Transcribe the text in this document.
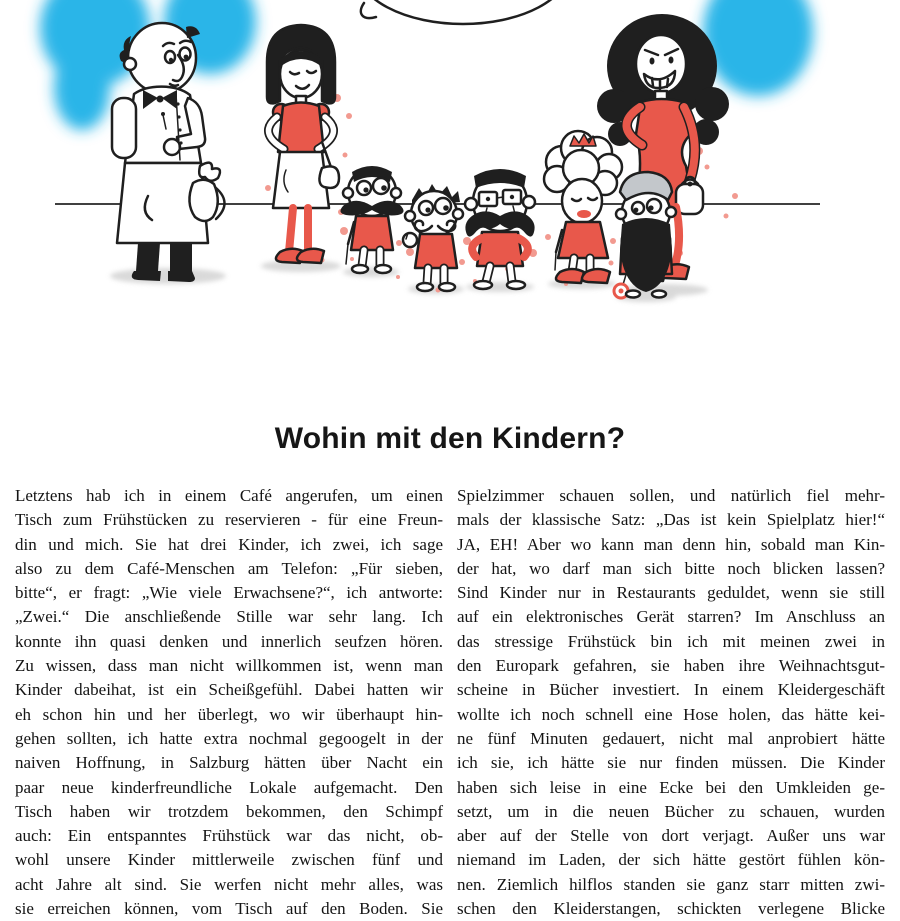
Wohin mit den Kindern?
Letztens hab ich in einem Café angerufen, um einen
Tisch zum Frühstücken zu reservieren - für eine Freun-
din und mich. Sie hat drei Kinder, ich zwei, ich sage
also zu dem Café-Menschen am Telefon: „Für sieben,
bitte“, er fragt: „Wie viele Erwachsene?“, ich antworte:
„Zwei.“ Die anschließende Stille war sehr lang. Ich
konnte ihn quasi denken und innerlich seufzen hören.
Zu wissen, dass man nicht willkommen ist, wenn man
Kinder dabeihat, ist ein Scheißgefühl. Dabei hatten wir
eh schon hin und her überlegt, wo wir überhaupt hin-
gehen sollten, ich hatte extra nochmal gegoogelt in der
naiven Hoffnung, in Salzburg hätten über Nacht ein
paar neue kinderfreundliche Lokale aufgemacht. Den
Tisch haben wir trotzdem bekommen, den Schimpf
auch: Ein entspanntes Frühstück war das nicht, ob-
wohl unsere Kinder mittlerweile zwischen fünf und
acht Jahre alt sind. Sie werfen nicht mehr alles, was
sie erreichen können, vom Tisch auf den Boden. Sie
Spielzimmer schauen sollen, und natürlich fiel mehr-
mals der klassische Satz: „Das ist kein Spielplatz hier!“
JA, EH! Aber wo kann man denn hin, sobald man Kin-
der hat, wo darf man sich bitte noch blicken lassen?
Sind Kinder nur in Restaurants geduldet, wenn sie still
auf ein elektronisches Gerät starren? Im Anschluss an
das stressige Frühstück bin ich mit meinen zwei in
den Europark gefahren, sie haben ihre Weihnachtsgut-
scheine in Bücher investiert. In einem Kleidergeschäft
wollte ich noch schnell eine Hose holen, das hätte kei-
ne fünf Minuten gedauert, nicht mal anprobiert hätte
ich sie, ich hätte sie nur finden müssen. Die Kinder
haben sich leise in eine Ecke bei den Umkleiden ge-
setzt, um in die neuen Bücher zu schauen, wurden
aber auf der Stelle von dort verjagt. Außer uns war
niemand im Laden, der sich hätte gestört fühlen kön-
nen. Ziemlich hilflos standen sie ganz starr mitten zwi-
schen den Kleiderstangen, schickten verlegene Blicke
